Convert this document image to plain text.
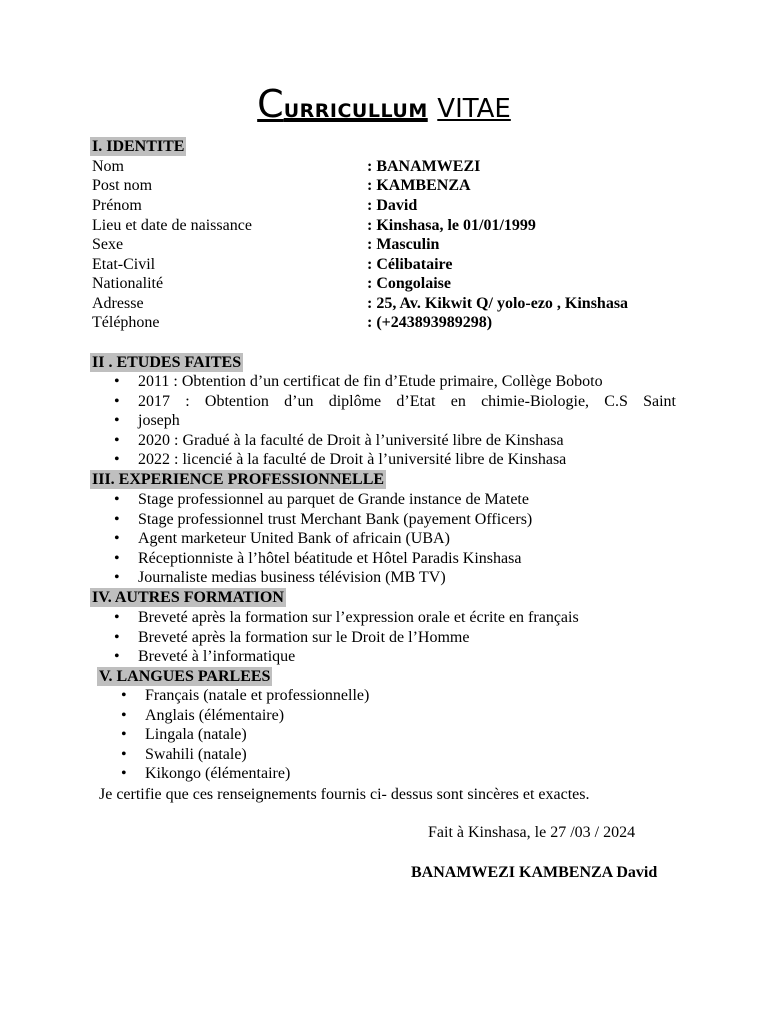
CURRICULLUM VITAE
I. IDENTITE
Nom	: BANAMWEZI
Post nom	: KAMBENZA
Prénom	: David
Lieu et date de naissance	: Kinshasa, le 01/01/1999
Sexe	: Masculin
Etat-Civil	: Célibataire
Nationalité	: Congolaise
Adresse	: 25, Av. Kikwit Q/ yolo-ezo , Kinshasa
Téléphone	: (+243893989298)
II . ETUDES FAITES
• 2011 : Obtention d’un certificat de fin d’Etude primaire, Collège Boboto
• 2017 : Obtention d’un diplôme d’Etat en chimie-Biologie, C.S Saint
• joseph
• 2020 : Gradué à la faculté de Droit à l’université libre de Kinshasa
• 2022 : licencié à la faculté de Droit à l’université libre de Kinshasa
III. EXPERIENCE PROFESSIONNELLE
• Stage professionnel au parquet de Grande instance de Matete
• Stage professionnel trust Merchant Bank (payement Officers)
• Agent marketeur United Bank of africain (UBA)
• Réceptionniste à l’hôtel béatitude et Hôtel Paradis Kinshasa
• Journaliste medias business télévision (MB TV)
IV. AUTRES FORMATION
• Breveté après la formation sur l’expression orale et écrite en français
• Breveté après la formation sur le Droit de l’Homme
• Breveté à l’informatique
V. LANGUES PARLEES
• Français (natale et professionnelle)
• Anglais (élémentaire)
• Lingala (natale)
• Swahili (natale)
• Kikongo (élémentaire)
Je certifie que ces renseignements fournis ci- dessus sont sincères et exactes.
Fait à Kinshasa, le 27 /03 / 2024
BANAMWEZI KAMBENZA David
